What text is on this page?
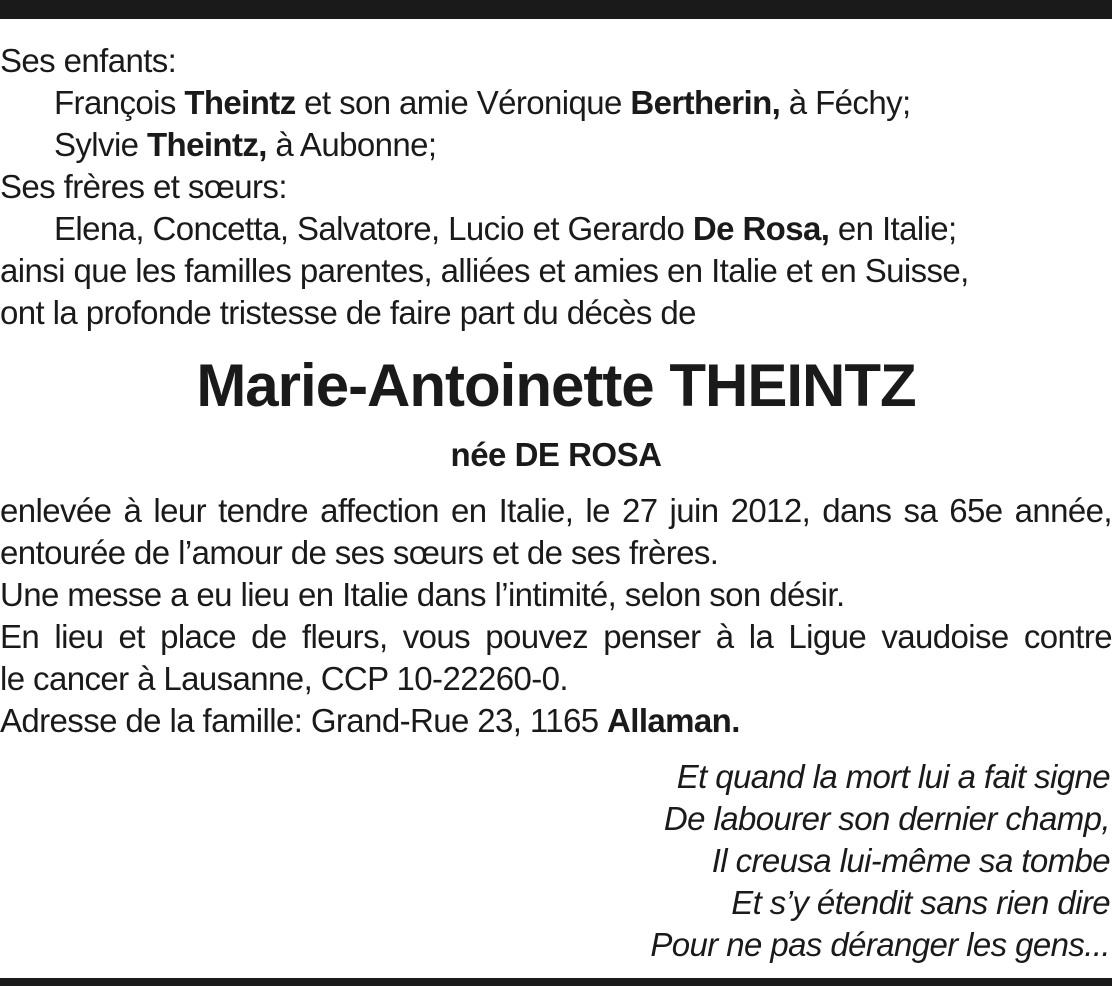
Ses enfants:
François Theintz et son amie Véronique Bertherin, à Féchy;
Sylvie Theintz, à Aubonne;
Ses frères et sœurs:
Elena, Concetta, Salvatore, Lucio et Gerardo De Rosa, en Italie;
ainsi que les familles parentes, alliées et amies en Italie et en Suisse,
ont la profonde tristesse de faire part du décès de
Marie-Antoinette THEINTZ
née DE ROSA
enlevée à leur tendre affection en Italie, le 27 juin 2012, dans sa 65e année,
entourée de l’amour de ses sœurs et de ses frères.
Une messe a eu lieu en Italie dans l’intimité, selon son désir.
En lieu et place de fleurs, vous pouvez penser à la Ligue vaudoise contre
le cancer à Lausanne, CCP 10-22260-0.
Adresse de la famille: Grand-Rue 23, 1165 Allaman.
Et quand la mort lui a fait signe
De labourer son dernier champ,
Il creusa lui-même sa tombe
Et s’y étendit sans rien dire
Pour ne pas déranger les gens...
